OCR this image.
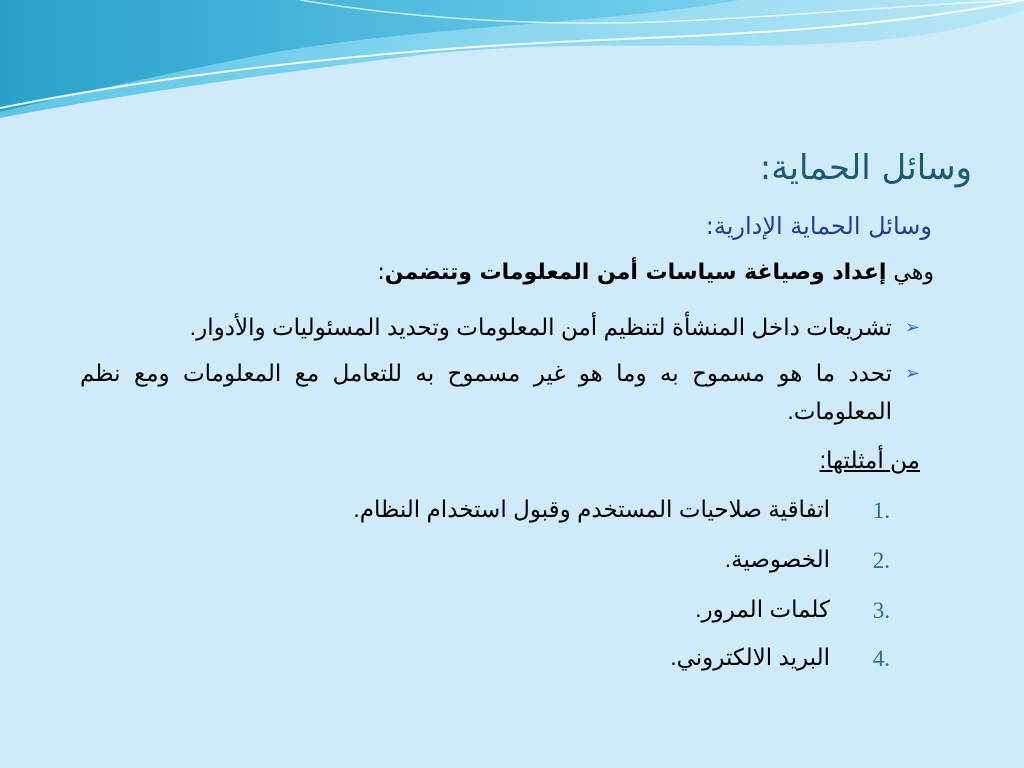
وسائل الحماية:
وسائل الحماية الإدارية:
وهي إعداد وصياغة سياسات أمن المعلومات وتتضمن:
➢
تشريعات داخل المنشأة لتنظيم أمن المعلومات وتحديد المسئوليات والأدوار.
➢
تحدد ما هو مسموح به وما هو غير مسموح به للتعامل مع المعلومات ومع نظم المعلومات.
من أمثلتها:
1.
اتفاقية صلاحيات المستخدم وقبول استخدام النظام.
2.
الخصوصية.
3.
كلمات المرور.
4.
البريد الالكتروني.
